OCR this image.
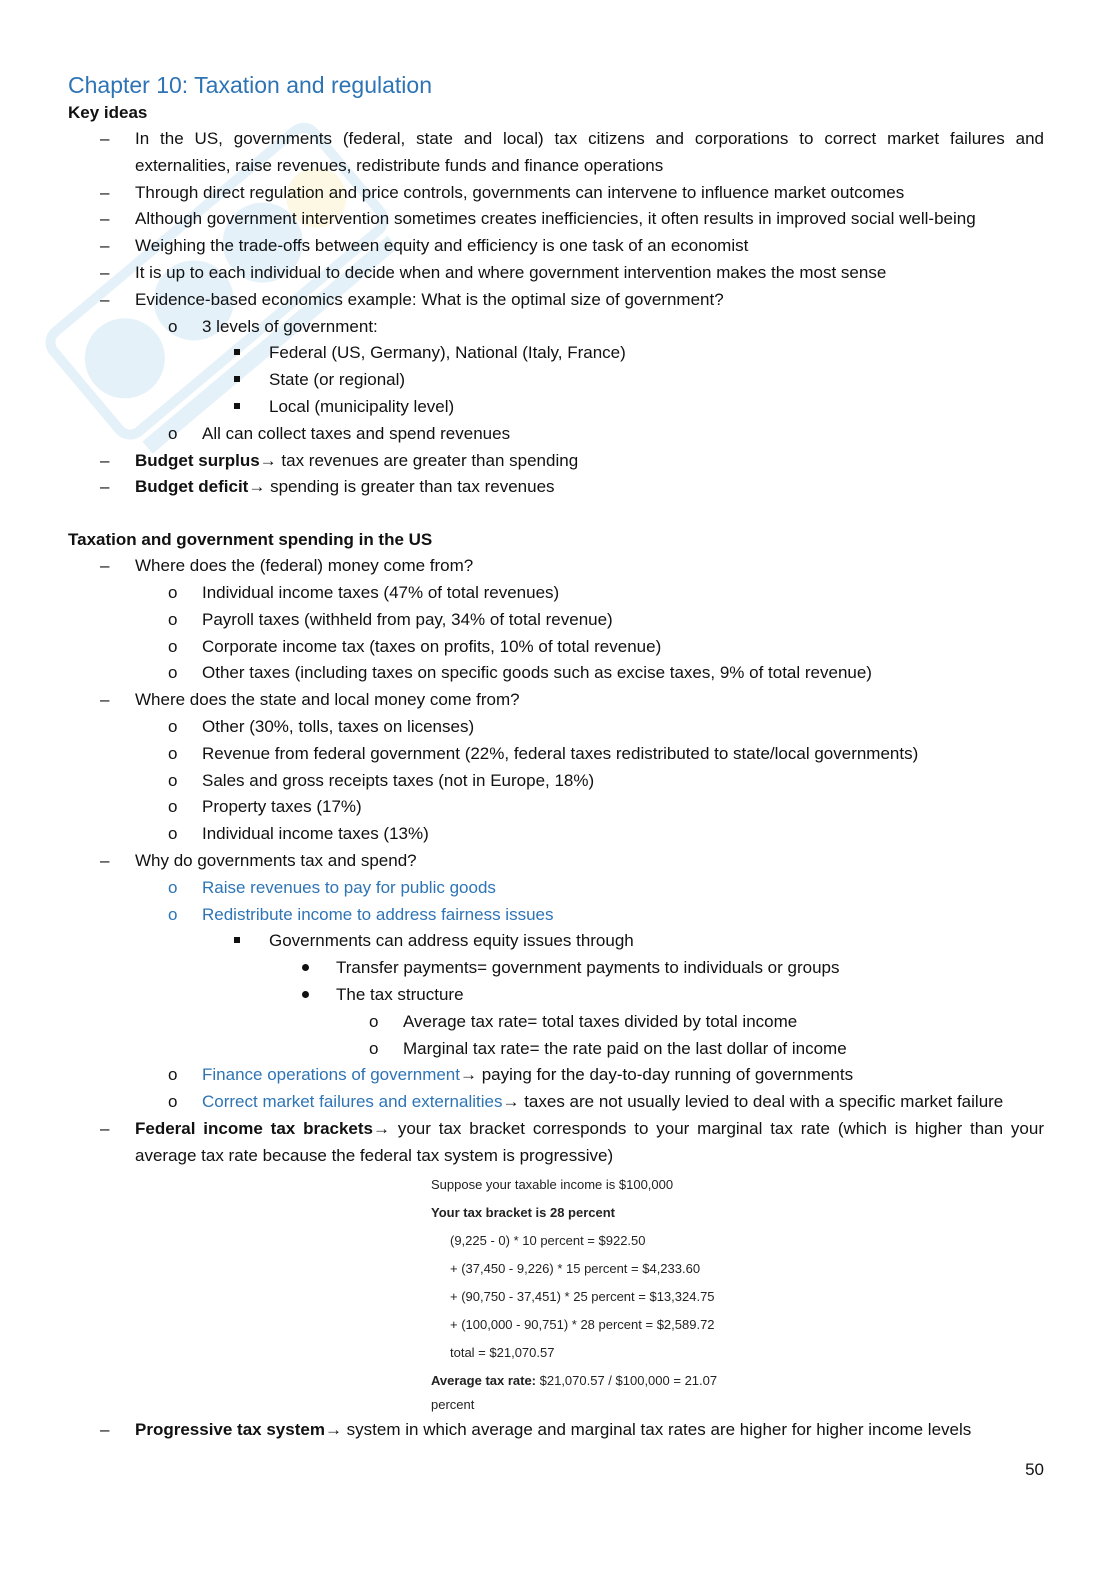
Chapter 10: Taxation and regulation
Key ideas
– In the US, governments (federal, state and local) tax citizens and corporations to correct market failures and externalities, raise revenues, redistribute funds and finance operations
– Through direct regulation and price controls, governments can intervene to influence market outcomes
– Although government intervention sometimes creates inefficiencies, it often results in improved social well-being
– Weighing the trade-offs between equity and efficiency is one task of an economist
– It is up to each individual to decide when and where government intervention makes the most sense
– Evidence-based economics example: What is the optimal size of government?
o 3 levels of government:
Federal (US, Germany), National (Italy, France)
State (or regional)
Local (municipality level)
o All can collect taxes and spend revenues
– Budget surplus→ tax revenues are greater than spending
– Budget deficit→ spending is greater than tax revenues
Taxation and government spending in the US
– Where does the (federal) money come from?
o Individual income taxes (47% of total revenues)
o Payroll taxes (withheld from pay, 34% of total revenue)
o Corporate income tax (taxes on profits, 10% of total revenue)
o Other taxes (including taxes on specific goods such as excise taxes, 9% of total revenue)
– Where does the state and local money come from?
o Other (30%, tolls, taxes on licenses)
o Revenue from federal government (22%, federal taxes redistributed to state/local governments)
o Sales and gross receipts taxes (not in Europe, 18%)
o Property taxes (17%)
o Individual income taxes (13%)
– Why do governments tax and spend?
o Raise revenues to pay for public goods
o Redistribute income to address fairness issues
Governments can address equity issues through
Transfer payments= government payments to individuals or groups
The tax structure
o Average tax rate= total taxes divided by total income
o Marginal tax rate= the rate paid on the last dollar of income
o Finance operations of government→ paying for the day-to-day running of governments
o Correct market failures and externalities→ taxes are not usually levied to deal with a specific market failure
– Federal income tax brackets→ your tax bracket corresponds to your marginal tax rate (which is higher than your average tax rate because the federal tax system is progressive)
Suppose your taxable income is $100,000
Your tax bracket is 28 percent
(9,225 - 0) * 10 percent = $922.50
+ (37,450 - 9,226) * 15 percent = $4,233.60
+ (90,750 - 37,451) * 25 percent = $13,324.75
+ (100,000 - 90,751) * 28 percent = $2,589.72
total = $21,070.57
Average tax rate: $21,070.57 / $100,000 = 21.07
percent
– Progressive tax system→ system in which average and marginal tax rates are higher for higher income levels
50
